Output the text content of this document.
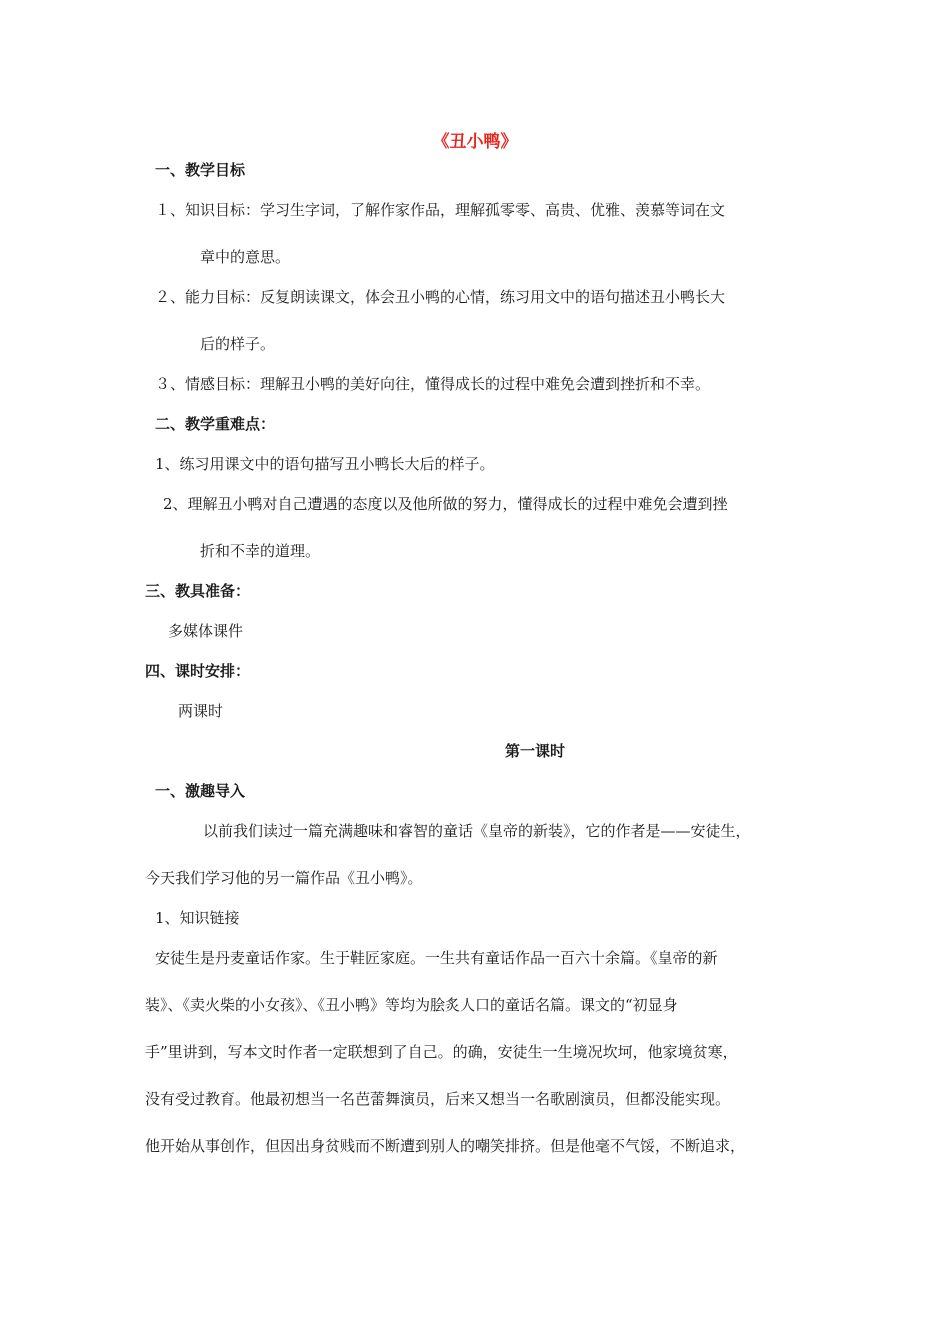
《丑小鸭》
一、教学目标
１、知识目标：学习生字词，了解作家作品，理解孤零零、高贵、优雅、羡慕等词在文
章中的意思。
２、能力目标：反复朗读课文，体会丑小鸭的心情，练习用文中的语句描述丑小鸭长大
后的样子。
３、情感目标：理解丑小鸭的美好向往，懂得成长的过程中难免会遭到挫折和不幸。
二、教学重难点：
1、练习用课文中的语句描写丑小鸭长大后的样子。
2、理解丑小鸭对自己遭遇的态度以及他所做的努力，懂得成长的过程中难免会遭到挫
折和不幸的道理。
三、教具准备：
多媒体课件
四、课时安排：
两课时
第一课时
一、激趣导入
以前我们读过一篇充满趣味和睿智的童话《皇帝的新装》，它的作者是——安徒生，
今天我们学习他的另一篇作品《丑小鸭》。
1、知识链接
安徒生是丹麦童话作家。生于鞋匠家庭。一生共有童话作品一百六十余篇。《皇帝的新
装》、《卖火柴的小女孩》、《丑小鸭》等均为脍炙人口的童话名篇。课文的“初显身
手”里讲到，写本文时作者一定联想到了自己。的确，安徒生一生境况坎坷，他家境贫寒，
没有受过教育。他最初想当一名芭蕾舞演员，后来又想当一名歌剧演员，但都没能实现。
他开始从事创作，但因出身贫贱而不断遭到别人的嘲笑排挤。但是他毫不气馁，不断追求，
